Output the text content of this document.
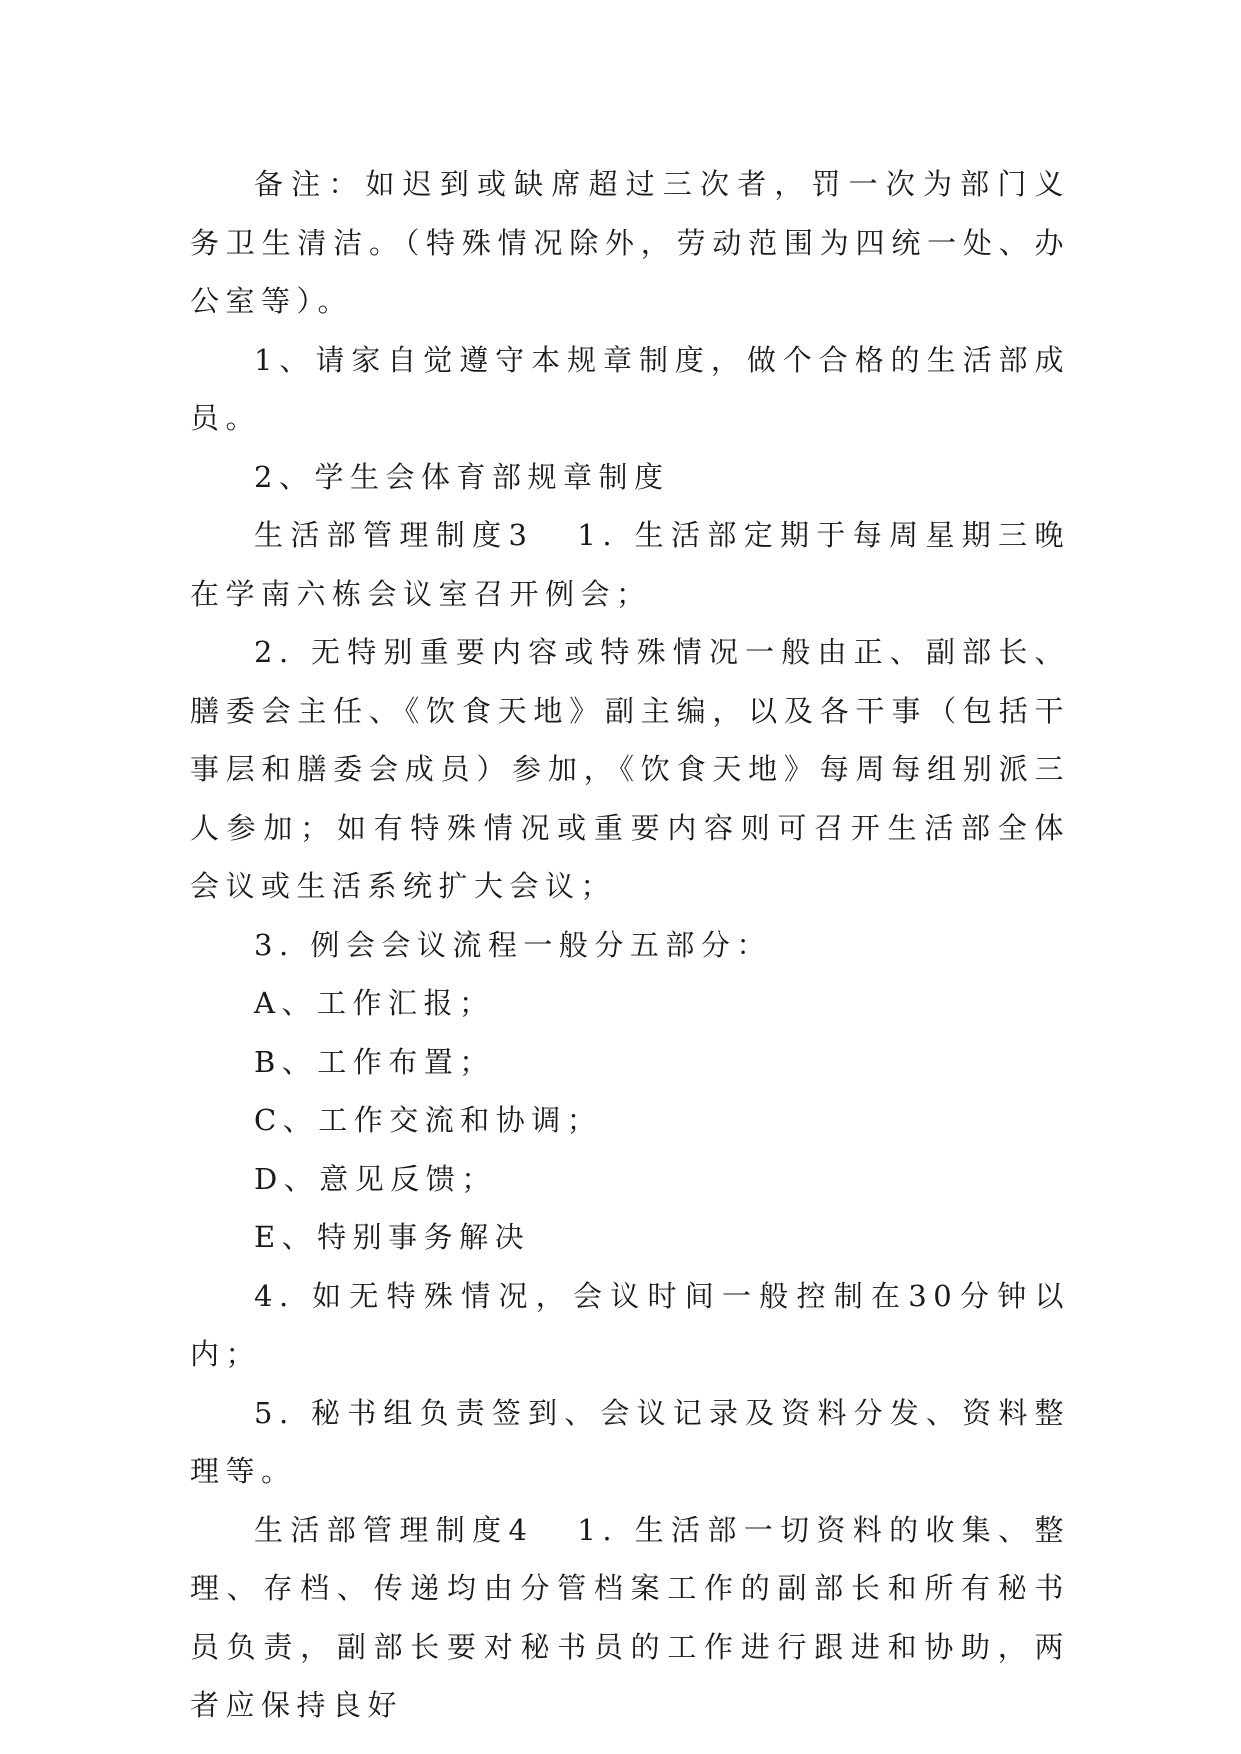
备注：如迟到或缺席超过三次者，罚一次为部门义务卫生清洁。（特殊情况除外，劳动范围为四统一处、办公室等）。

1、请家自觉遵守本规章制度，做个合格的生活部成员。

2、学生会体育部规章制度

生活部管理制度3 1. 生活部定期于每周星期三晚在学南六栋会议室召开例会；

2. 无特别重要内容或特殊情况一般由正、副部长、膳委会主任、《饮食天地》副主编，以及各干事（包括干事层和膳委会成员）参加，《饮食天地》每周每组别派三人参加；如有特殊情况或重要内容则可召开生活部全体会议或生活系统扩大会议；

3. 例会会议流程一般分五部分：

A、工作汇报；

B、工作布置；

C、工作交流和协调；

D、意见反馈；

E、特别事务解决

4. 如无特殊情况，会议时间一般控制在30分钟以内；

5. 秘书组负责签到、会议记录及资料分发、资料整理等。

生活部管理制度4 1. 生活部一切资料的收集、整理、存档、传递均由分管档案工作的副部长和所有秘书员负责，副部长要对秘书员的工作进行跟进和协助，两者应保持良好
